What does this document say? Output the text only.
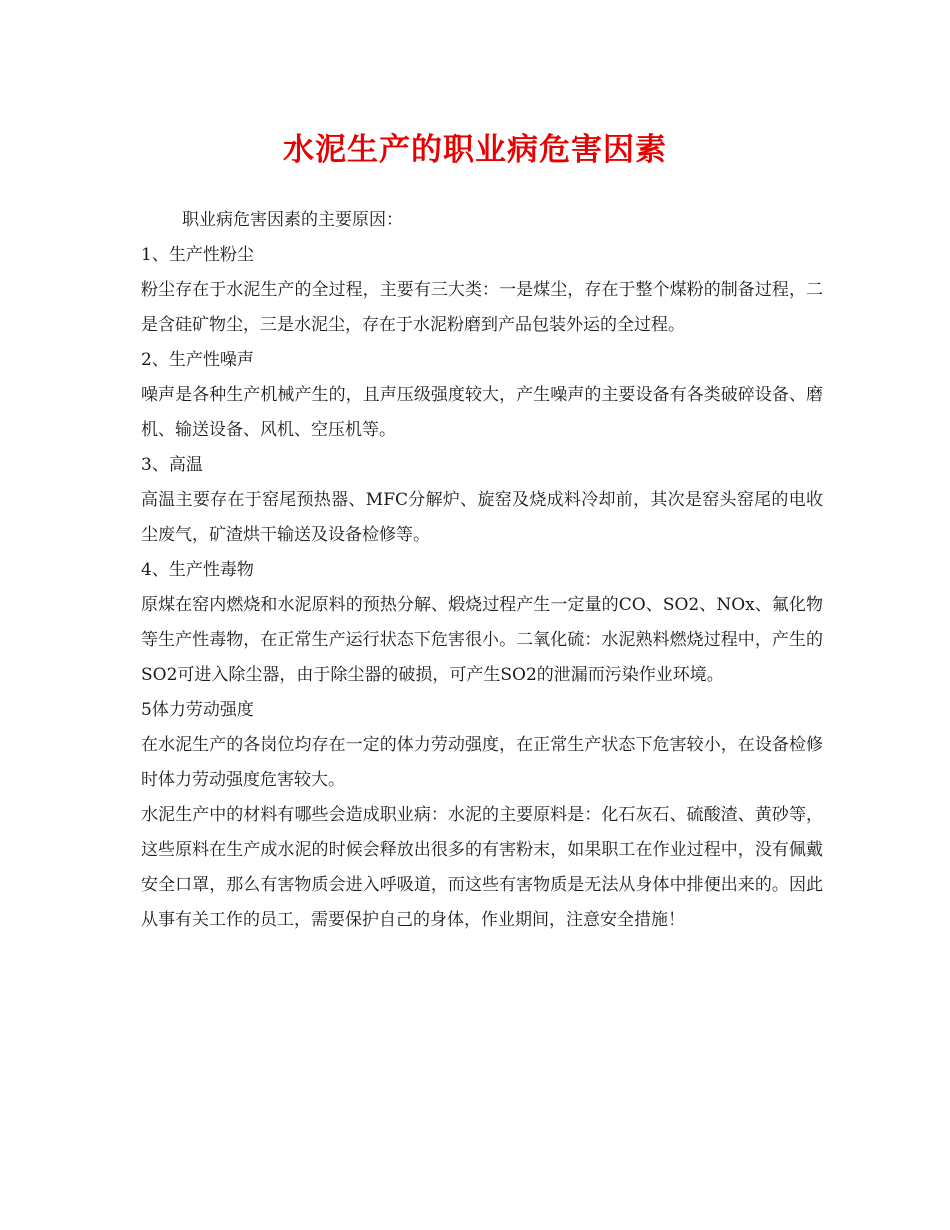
水泥生产的职业病危害因素

职业病危害因素的主要原因：

1、生产性粉尘

粉尘存在于水泥生产的全过程，主要有三大类：一是煤尘，存在于整个煤粉的制备过程，二是含硅矿物尘，三是水泥尘，存在于水泥粉磨到产品包装外运的全过程。

2、生产性噪声

噪声是各种生产机械产生的，且声压级强度较大，产生噪声的主要设备有各类破碎设备、磨机、输送设备、风机、空压机等。

3、高温

高温主要存在于窑尾预热器、MFC分解炉、旋窑及烧成料冷却前，其次是窑头窑尾的电收尘废气，矿渣烘干输送及设备检修等。

4、生产性毒物

原煤在窑内燃烧和水泥原料的预热分解、煅烧过程产生一定量的CO、SO2、NOx、氟化物等生产性毒物，在正常生产运行状态下危害很小。二氧化硫：水泥熟料燃烧过程中，产生的SO2可进入除尘器，由于除尘器的破损，可产生SO2的泄漏而污染作业环境。

5体力劳动强度

在水泥生产的各岗位均存在一定的体力劳动强度，在正常生产状态下危害较小，在设备检修时体力劳动强度危害较大。

水泥生产中的材料有哪些会造成职业病：水泥的主要原料是：化石灰石、硫酸渣、黄砂等，这些原料在生产成水泥的时候会释放出很多的有害粉末，如果职工在作业过程中，没有佩戴安全口罩，那么有害物质会进入呼吸道，而这些有害物质是无法从身体中排便出来的。因此从事有关工作的员工，需要保护自己的身体，作业期间，注意安全措施！
